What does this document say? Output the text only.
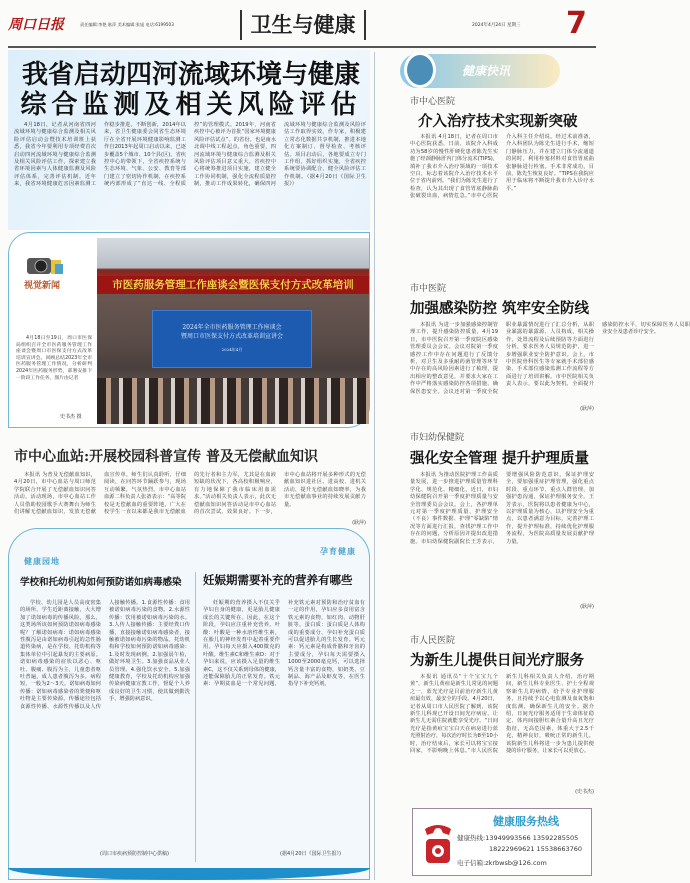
周口日报	责任编辑:李艳 耿萍 美术编辑:张旭 电话:6199503	卫生与健康	2024年4月24日 星期三 7
我省启动四河流域环境与健康
综合监测及相关风险评估
4月18日，记者从河南省四河流域环境与健康综合监测及相关风险评估启动会暨技术培训班上获悉，我省今年要利用专项经费首次启动四河流域环境与健康综合监测及相关风险评估工作，探索建立我省环境因素与人体健康监测及风险评估体系，完善评估机制。近年来，我省环境健康危害因素监测工作稳步推进。不断创新，2014年以来，省卫生健康委会同省生态环境厅在全省开展环境健康影响监测工作自2013年起周口启动以来，已逐步覆盖5个城市、10个县(区)。省疾控中心的带领下，全省疾控系统与生态环境、气象、公安、教育等部门建立了密切协作机制，在疾控系统内部形成了“直达一线、全程质控”的管理模式。2019年，河南省疾控中心被评为首批“国家环境健康风险评估试点”。的省份。也是南水北调中线工程起点，角色重要，四河流域环境与健康综合监测及相关风险评估项目意义重大。省疾控中心将统筹推进项目实施，建立健全工作协同机制，强化全流程质量控制，推动工作成果转化，确保四河流域环境与健康综合监测及风险评估工作取得实效。作专家，积极建立常态化数据共享机制，推进本地化方案制订、督导检查、考核评估。项目启动后，各地要成立专门工作组，抓好组织实施，全省疾控系统要协调配合，健全风险评估工作机制。（据4月20日《国际卫生报》）
视觉新闻
4月18日至19日，周口市医保局组织召开全市医药服务管理工作座谈会暨周口市医保支付方式改革培训宣讲会。回顾总结2023年全市医药服务管理工作情况，分析研判2024年医药服务形势，部署安排下一阶段工作任务。图片由记者
史书杰 摄
市医药服务管理工作座谈会暨医保支付方式改革培训
2024年全市医药服务管理工作座谈会
暨周口市医保支付方式改革培训宣讲会
2024年4月
市中心血站:开展校园科普宣传 普及无偿献血知识
本报讯 为普及无偿献血知识，4月20日，市中心血站与周口师范学院联合开展了无偿献血知识问答活动。活动现场，市中心血站工作人员借助校园歌手大赛舞台为师生们讲解无偿献血知识，发放无偿献血宣传单，师生们认真聆听，仔细阅读，在问答环节踊跃参与，现场互动频繁，气氛热烈。市中心血站血源二科负责人张备表示：“高等院校是无偿献血的重要阵地，广大在校学生一直以来都是我市无偿献血的先行者和主力军，尤其是在血液短缺的状况下，各高校积极响应，有力地保障了我市临床用血需求。”活动相关负责人表示，此次无偿献血知识问答活动是市中心血站的首次尝试，效果良好。下一步，市中心血站将开展多种形式的无偿献血知识进社区、进高校、进机关活动，提升无偿献血知晓率，为我市无偿献血事业的持续发展贡献力量。
(耿萍)
健康园地
学校和托幼机构如何预防诺如病毒感染
学校、幼儿园是人员高度密集的场所，学生近距离接触，大大增加了诺如病毒的传播风险。那么，这类场所该如何预防诺如病毒感染呢？了解诺如病毒：诺如病毒感染性腹泻是由诺如病毒引起的急性肠道传染病，是在学校、托幼机构等集体单位中引起暴发的主要病原。诺如病毒感染的症状以恶心、呕吐、腹痛、腹泻为主，儿童患者呕吐普遍，成人患者腹泻为多，病程短，一般为2～3天。诺如病毒如何传播：诺如病毒感染者的粪便和呕吐物是主要传染源。传播途径包括食源性传播、水源性传播以及人传人接触传播。1.食源性传播：食用被诺如病毒污染的食物。2.水源性传播：饮用被诺如病毒污染的水。3.人传人接触传播：主要经粪口传播，直接接触诺如病毒感染者，接触被诺如病毒污染的物品。托幼机构和学校如何预防诺如病毒感染：1.及时发现病例。2.加强晨午检，做好环境卫生。3.加强食品从业人员管理。4.强化饮水安全。5.加强健康教育，学校及托幼机构应加强传染病健康宣教工作，督促个人养成良好的卫生习惯，使其做到勤洗手、增强防病意识。
(周口市疾病预防控制中心供稿)
孕育健康
妊娠期需要补充的营养有哪些
妊娠期的营养摄入不仅关乎孕妇自身的健康，更是胎儿健康成长的关键所在。因此，在这个阶段，孕妇应注重补充营养。叶酸：叶酸是一种水溶性维生素，在胎儿的神经发育中起着重要作用。孕妇每天应摄入400微克的叶酸。维生素C和维生素D：对于孕妇来说，应该摄入足量的维生素C，这不仅关系到母体的健康，还能保障胎儿的正常发育。铁元素：孕期贫血是一个常见问题，补充铁元素对预防和治疗贫血有一定的作用，孕妇应多食用富含铁元素的食物，如红肉、动物肝脏等。蛋白质：蛋白质是人体构成的重要成分，孕妇补充蛋白质可以促进胎儿的生长发育。钙元素：钙元素是构成骨骼和牙齿的主要成分，孕妇每天需要摄入1000至2000毫克钙，可以选择钙含量丰富的食物，如奶类、豆制品、海产品及虾皮等，在医生指导下补充钙剂。
(据4月20日《国际卫生报》)
健康快讯
市中心医院
介入治疗技术实现新突破
本报讯 4月18日，记者在周口市中心医院获悉，日前，该院介入科成功为58岁的慢性肝硬化患者陈先生实施了经颈静脉肝内门体分流术(TIPS)，填补了我市介入治疗领域的一项技术空白，标志着该院介入治疗技术水平位于省内前列。“我们为陈先生进行了检查，认为其出现了食管胃底静脉曲张破裂出血，病情危急。”市中心医院介入科主任介绍说。经过术前准备，介入科团队为陈先生进行手术，缩短门静脉压力，并在建立门体分流通道的同时，利用栓塞材料对食管胃底曲张静脉进行栓塞。手术非常成功，目前，陈先生恢复良好。“TIPS在我院应用于临床将不断提升我市介入诊疗水平。”
市中医院
加强感染防控 筑牢安全防线
本报讯 为进一步加强感染控制管理工作，提升感染防控质量，4月19日，市中医院召开第一季度院区感染管理委员会会议。会议对院第一季度感控工作中存在问题进行了反馈分析，对卫生及多重耐药菌管理等环节中存在的高风险因素进行了梳理，提出相应的整改意见，并要求大家在工作中严格落实感染防控各项措施，确保医患安全。会议还对第一季度全院职业暴露情况进行了汇总分析，从职业暴露的暴露源、人员构成、相关操作、处置流程及后续预防等方面进行分析，要求医务人员规范防护，进一步增强职业安全防护意识。会上，市中医院骨科医生等专家就手术部位感染、手术部位感染监测工作流程等方面进行了培训讲解。市中医院相关负责人表示，要以此为契机，全面提升感染防控水平，切实保障医务人员职业安全及患者诊疗安全。
(耿萍)
市妇幼保健院
强化安全管理 提升护理质量
本报讯 为推动医院护理工作高质量发展，进一步推进护理质量管理科学化、规范化、精细化，近日，市妇幼保健院召开第一季度护理质量与安全管理委员会会议。会上，各护理单元对第一季度护理质量、护理安全（不良）事件数据、护理“零缺陷”情况等方面进行汇报，查找护理工作中存在的问题，分析原因并提出改进措施。市妇幼保健院副院长王芳表示，要增强风险防范意识，保证护理安全，要加强重症护理管理，强化重点时段、重点环节、重点人群管理，加强护患沟通，保证护理服务安全。王芳表示，医院将以患者健康为中心，以护理质量为核心，以护理安全为重点，以患者满意为目标，完善护理工作，提升护理标准，持续优化护理服务流程，为医院高质量发展贡献护理力量。
(耿萍)
市人民医院
为新生儿提供日间光疗服务
本报讯 通讯员“十个宝宝九个黄”，新生儿黄疸是新生儿常见的问题之一，蓝光光疗是目前治疗新生儿黄疸最有效、最安全的手段。4月20日，记者从周口市人民医院了解到，该院新生儿科现已开设日间光疗病房，让新生儿无需住院就能享受光疗。“日间光疗是指黄疸宝宝白天在病房进行蓝光照射治疗，每次治疗时长为8至10小时，治疗结束后，家长可以将宝宝接回家，不影响晚上休息。”市人民医院新生儿科相关负责人介绍，治疗期间，新生儿科专业医生、护士全程观察新生儿的病情，给予专业护理服务，且持续予以心电监测及血氧饱和度监测，确保新生儿的安全。据介绍，日间光疗服务适用于生命体征稳定、体内间接胆红素合量升高且光疗指征，无高危因素，体重大于2.5千克，精神良好，吸吮正常的新生儿。该院新生儿科将进一步为患儿提供便捷的诊疗服务，让家长可以更放心。
(史书杰)
健康服务热线
健康热线:13949993566 13592285505
18222969621 15538663760
电子信箱:zkrbwsb@126.com
